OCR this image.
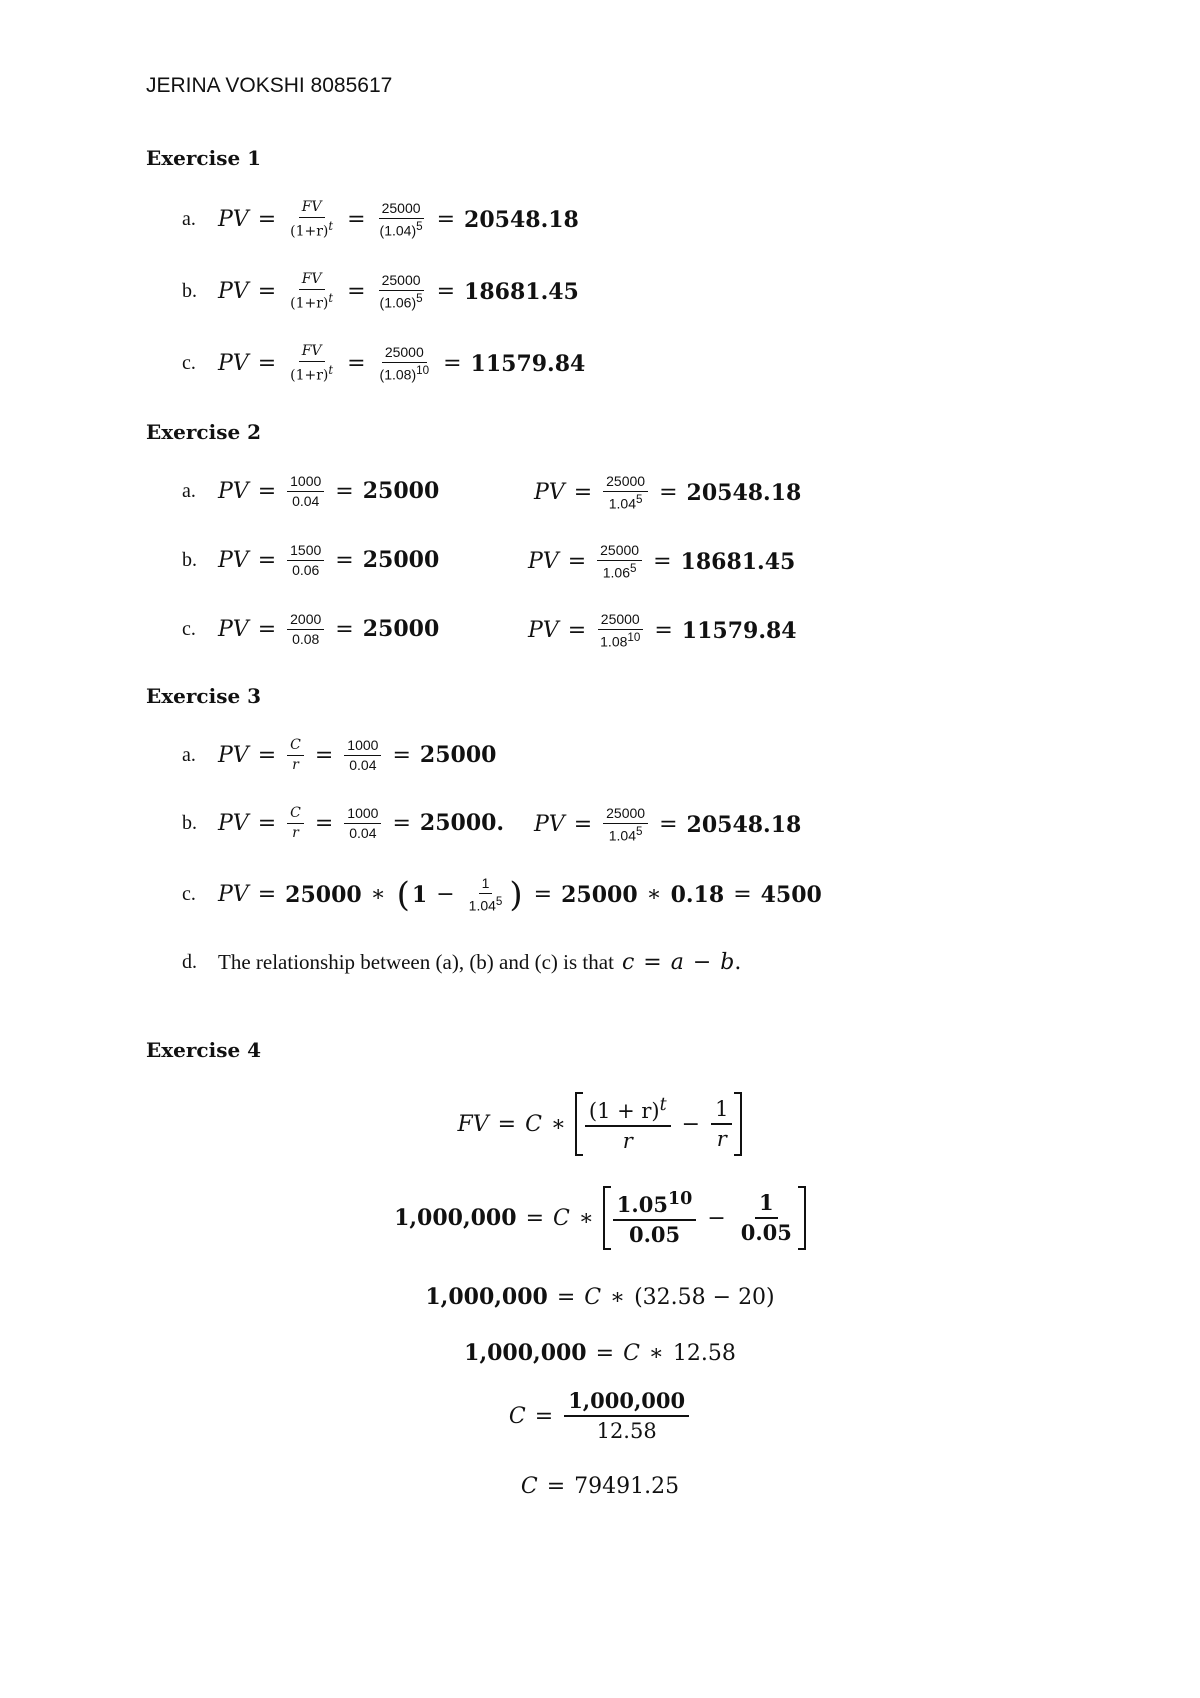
JERINA VOKSHI 8085617
Exercise 1
a.	PV = $\frac{FV}{(1+r)^t} = \frac{25000}{(1.04)^5} = 20548.18$
b. PV = $\frac{FV}{(1+r)^t} = \frac{25000}{(1.06)^5} = 18681.45$
c.	PV = $\frac{FV}{(1+r)^t} = \frac{25000}{(1.08)^{10}} = 11579.84$
Exercise 2
a.	PV = $\frac{1000}{0.04} = 25000$	PV = $\frac{25000}{1.04^5} = 20548.18$
b. PV = $\frac{1500}{0.06} = 25000$	PV = $\frac{25000}{1.06^5} = 18681.45$
c.	PV = $\frac{2000}{0.08} = 25000$	PV = $\frac{25000}{1.08^{10}} = 11579.84$
Exercise 3
a.	PV = $\frac{C}{r} = \frac{1000}{0.04} = 25000$
b. PV = $\frac{C}{r} = \frac{1000}{0.04} = 25000$. PV = $\frac{25000}{1.04^5} = 20548.18$
c.	PV = 25000 ∗ ( $1 - \frac{1}{1.04^5}$ ) = 25000 ∗ 0.18 = 4500
d.	The relationship between (a), (b) and (c) is that c = a − b .
Exercise 4
FV = C ∗ $\frac{(1 + r)^t}{r} - \frac{1}{r}$
1,000,000 = C ∗ $\frac{1.05^{10}}{0.05} - \frac{1}{0.05}$
1,000,000 = C ∗ (32.58 − 20)
1,000,000 = C ∗ 12.58
$C = \frac{1,000,000}{12.58}$
C = 79491.25
